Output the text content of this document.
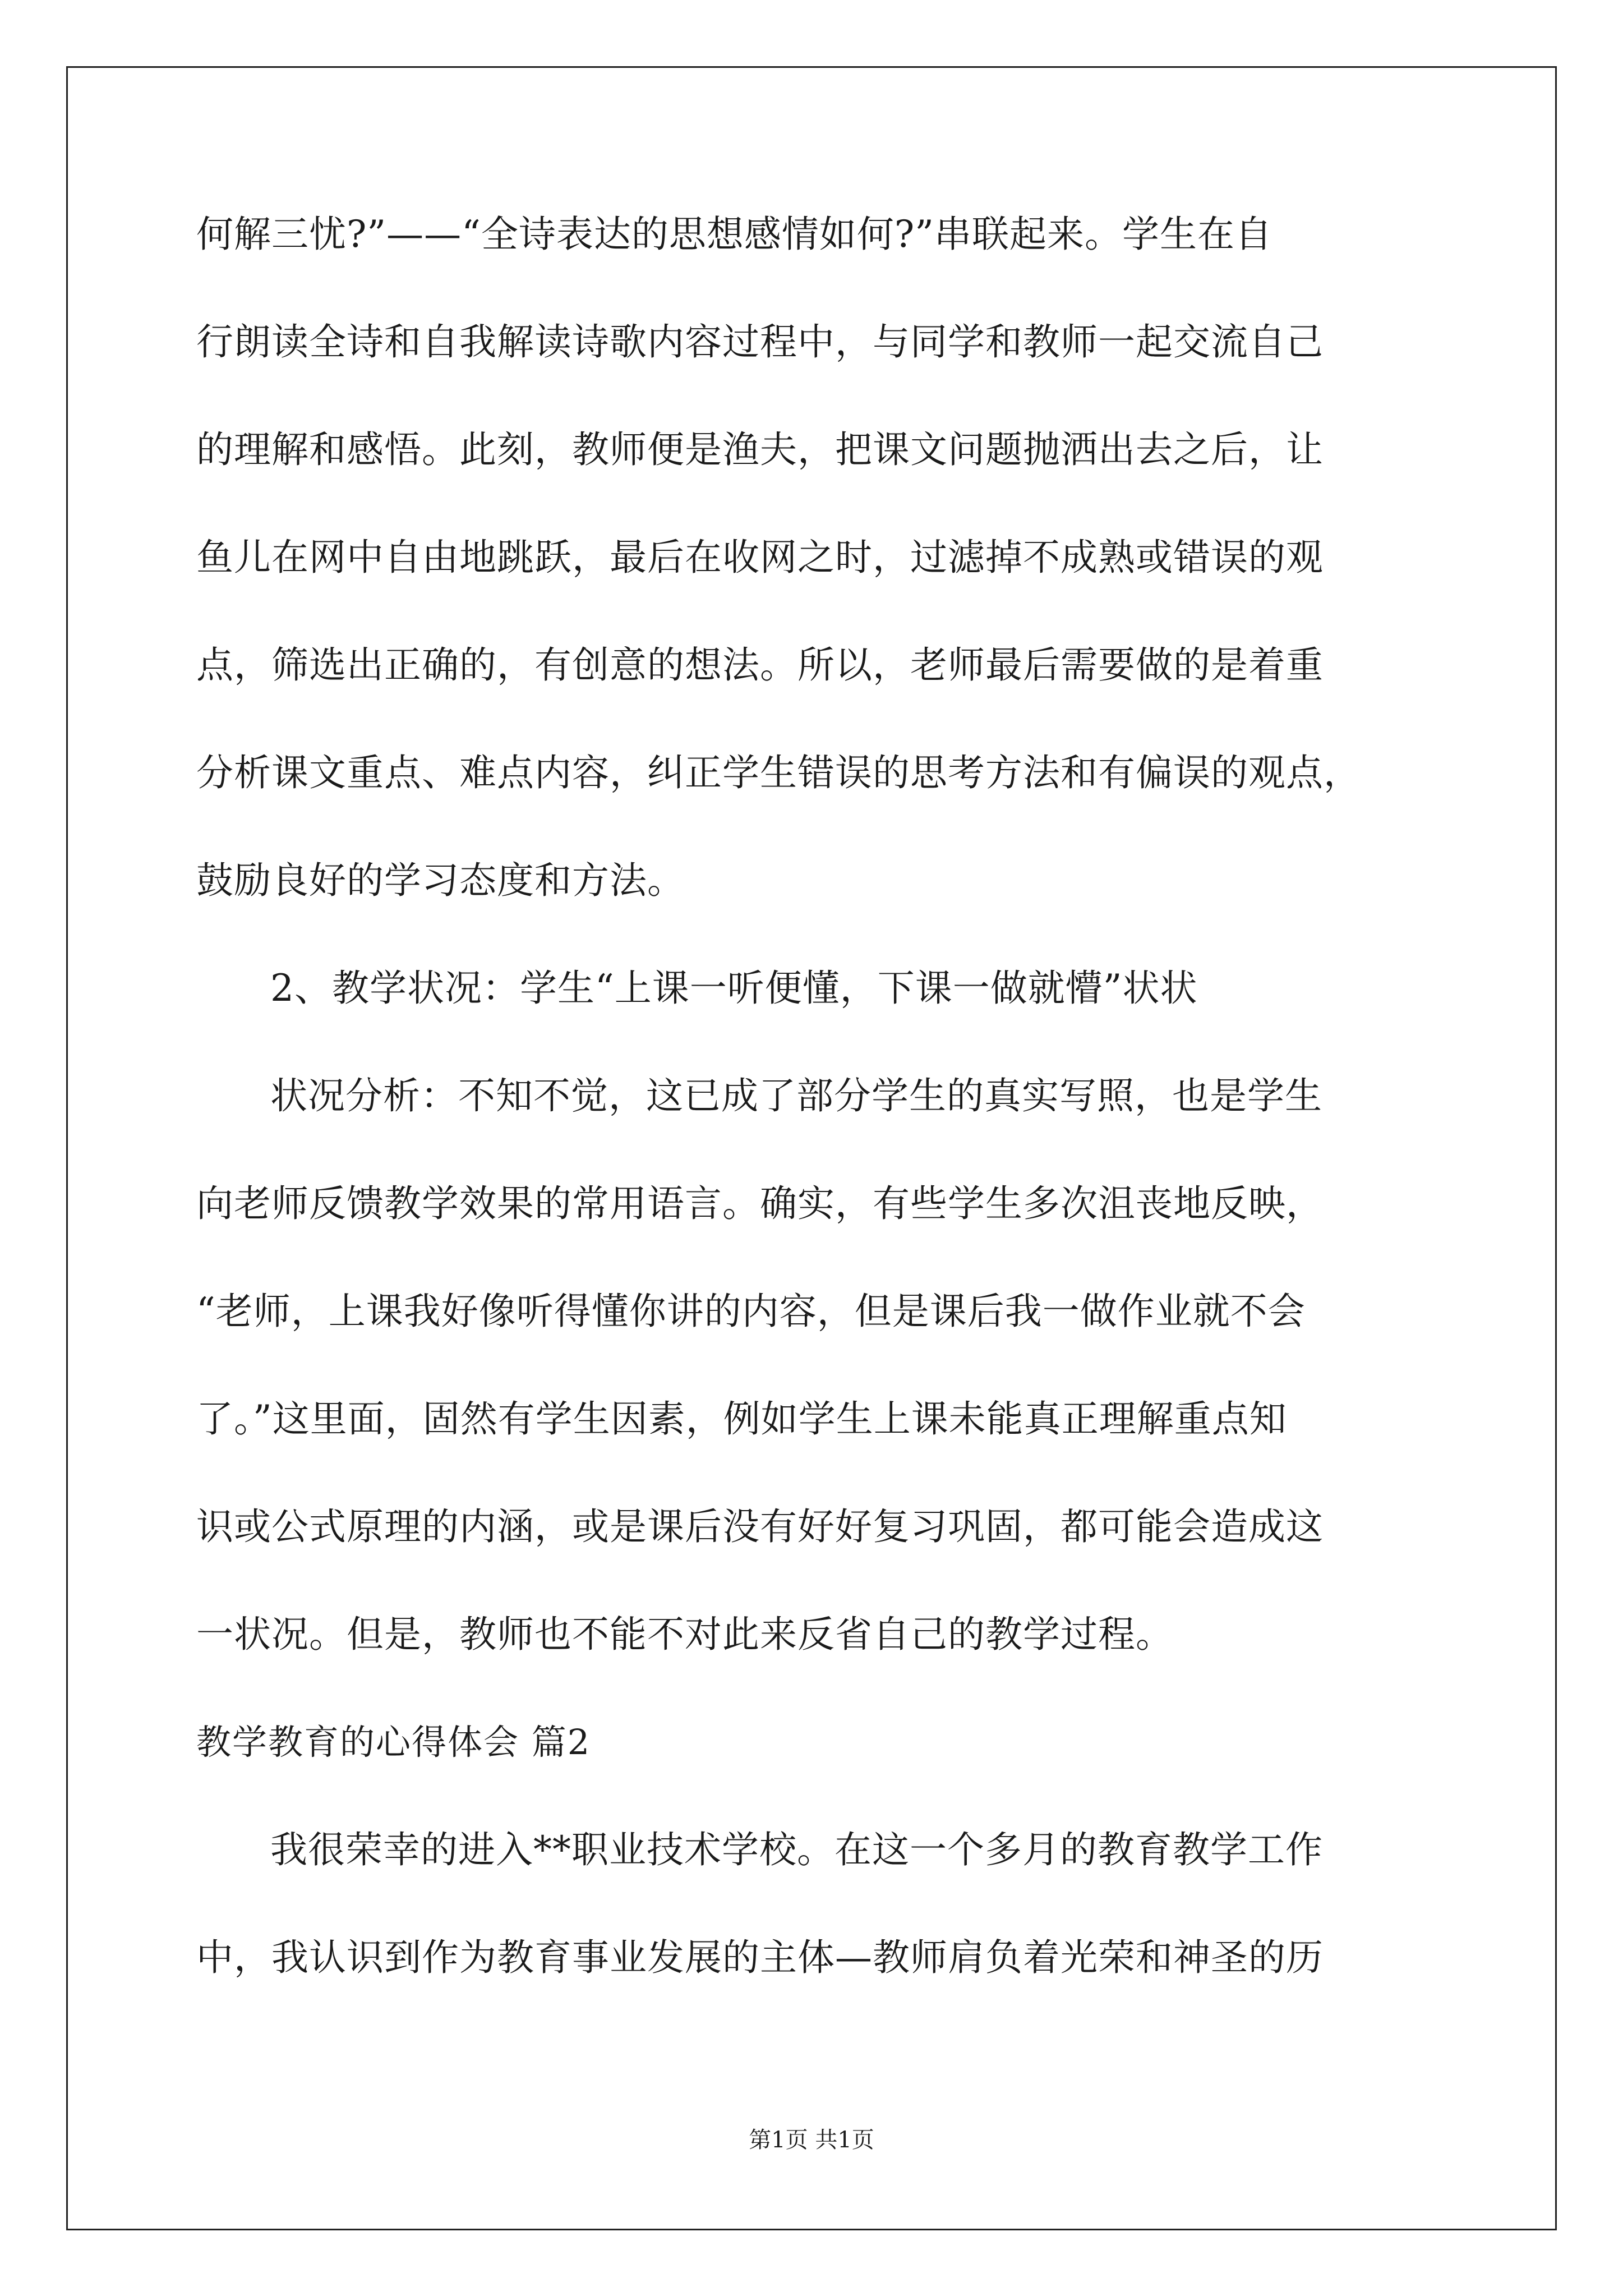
何解三忧?”——“全诗表达的思想感情如何?”串联起来。学生在自
行朗读全诗和自我解读诗歌内容过程中，与同学和教师一起交流自己
的理解和感悟。此刻，教师便是渔夫，把课文问题抛洒出去之后，让
鱼儿在网中自由地跳跃，最后在收网之时，过滤掉不成熟或错误的观
点，筛选出正确的，有创意的想法。所以，老师最后需要做的是着重
分析课文重点、难点内容，纠正学生错误的思考方法和有偏误的观点，
鼓励良好的学习态度和方法。
2、教学状况：学生“上课一听便懂，下课一做就懵”状状
状况分析：不知不觉，这已成了部分学生的真实写照，也是学生
向老师反馈教学效果的常用语言。确实，有些学生多次沮丧地反映，
“老师，上课我好像听得懂你讲的内容，但是课后我一做作业就不会
了。”这里面，固然有学生因素，例如学生上课未能真正理解重点知
识或公式原理的内涵，或是课后没有好好复习巩固，都可能会造成这
一状况。但是，教师也不能不对此来反省自己的教学过程。
教学教育的心得体会 篇2
我很荣幸的进入**职业技术学校。在这一个多月的教育教学工作
中，我认识到作为教育事业发展的主体—教师肩负着光荣和神圣的历
第1页 共1页
